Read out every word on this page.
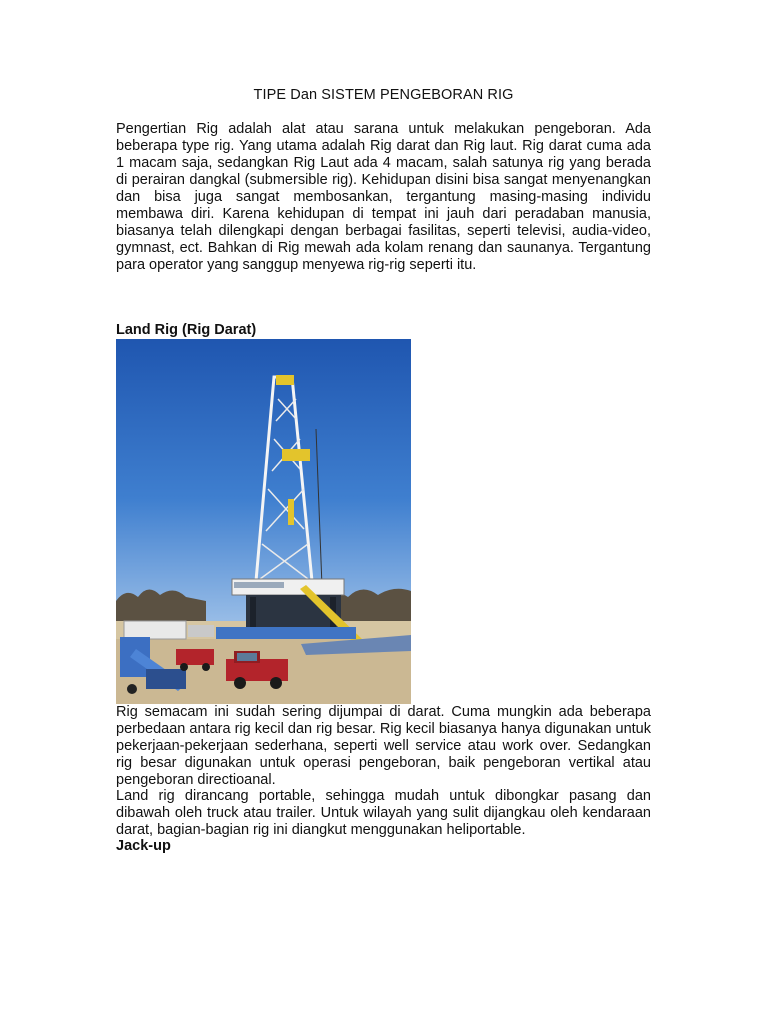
TIPE Dan SISTEM PENGEBORAN RIG

Pengertian Rig adalah alat atau sarana untuk melakukan pengeboran. Ada beberapa type rig. Yang utama adalah Rig darat dan Rig laut. Rig darat cuma ada 1 macam saja, sedangkan Rig Laut ada 4 macam, salah satunya rig yang berada di perairan dangkal (submersible rig). Kehidupan disini bisa sangat menyenangkan dan bisa juga sangat membosankan, tergantung masing-masing individu membawa diri. Karena kehidupan di tempat ini jauh dari peradaban manusia, biasanya telah dilengkapi dengan berbagai fasilitas, seperti televisi, audia-video, gymnast, ect. Bahkan di Rig mewah ada kolam renang dan saunanya. Tergantung para operator yang sanggup menyewa rig-rig seperti itu.

Land Rig (Rig Darat)

Rig semacam ini sudah sering dijumpai di darat. Cuma mungkin ada beberapa perbedaan antara rig kecil dan rig besar. Rig kecil biasanya hanya digunakan untuk pekerjaan-pekerjaan sederhana, seperti well service atau work over. Sedangkan rig besar digunakan untuk operasi pengeboran, baik pengeboran vertikal atau pengeboran directioanal.

Land rig dirancang portable, sehingga mudah untuk dibongkar pasang dan dibawah oleh truck atau trailer. Untuk wilayah yang sulit dijangkau oleh kendaraan darat, bagian-bagian rig ini diangkut menggunakan heliportable.

Jack-up
